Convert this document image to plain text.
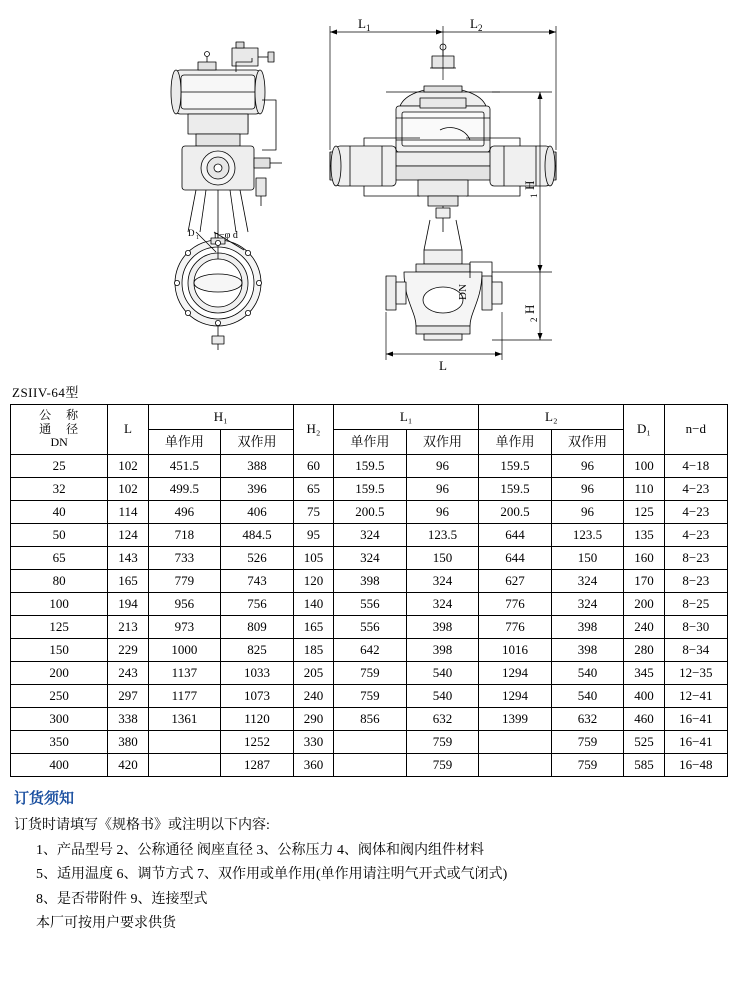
D 1 n−φ d
DN
L 1	L 2
H
1
H
2
L
ZSIIV-64型
公 称
通 径
DN	L	H₁		H₂	L₁		L₂		D₁	n−d
		单作用	双作用		单作用	双作用	单作用	双作用		
25	102	451.5	388	60	159.5	96	159.5	96	100	4−18
32	102	499.5	396	65	159.5	96	159.5	96	110	4−23
40	114	496	406	75	200.5	96	200.5	96	125	4−23
50	124	718	484.5	95	324	123.5	644	123.5	135	4−23
65	143	733	526	105	324	150	644	150	160	8−23
80	165	779	743	120	398	324	627	324	170	8−23
100	194	956	756	140	556	324	776	324	200	8−25
125	213	973	809	165	556	398	776	398	240	8−30
150	229	1000	825	185	642	398	1016	398	280	8−34
200	243	1137	1033	205	759	540	1294	540	345	12−35
250	297	1177	1073	240	759	540	1294	540	400	12−41
300	338	1361	1120	290	856	632	1399	632	460	16−41
350	380		1252	330		759		759	525	16−41
400	420		1287	360		759		759	585	16−48
订货须知
订货时请填写《规格书》或注明以下内容:
1、产品型号 2、公称通径 阀座直径 3、公称压力 4、阀体和阀内组件材料
5、适用温度 6、调节方式 7、双作用或单作用(单作用请注明气开式或气闭式)
8、是否带附件 9、连接型式
本厂可按用户要求供货
